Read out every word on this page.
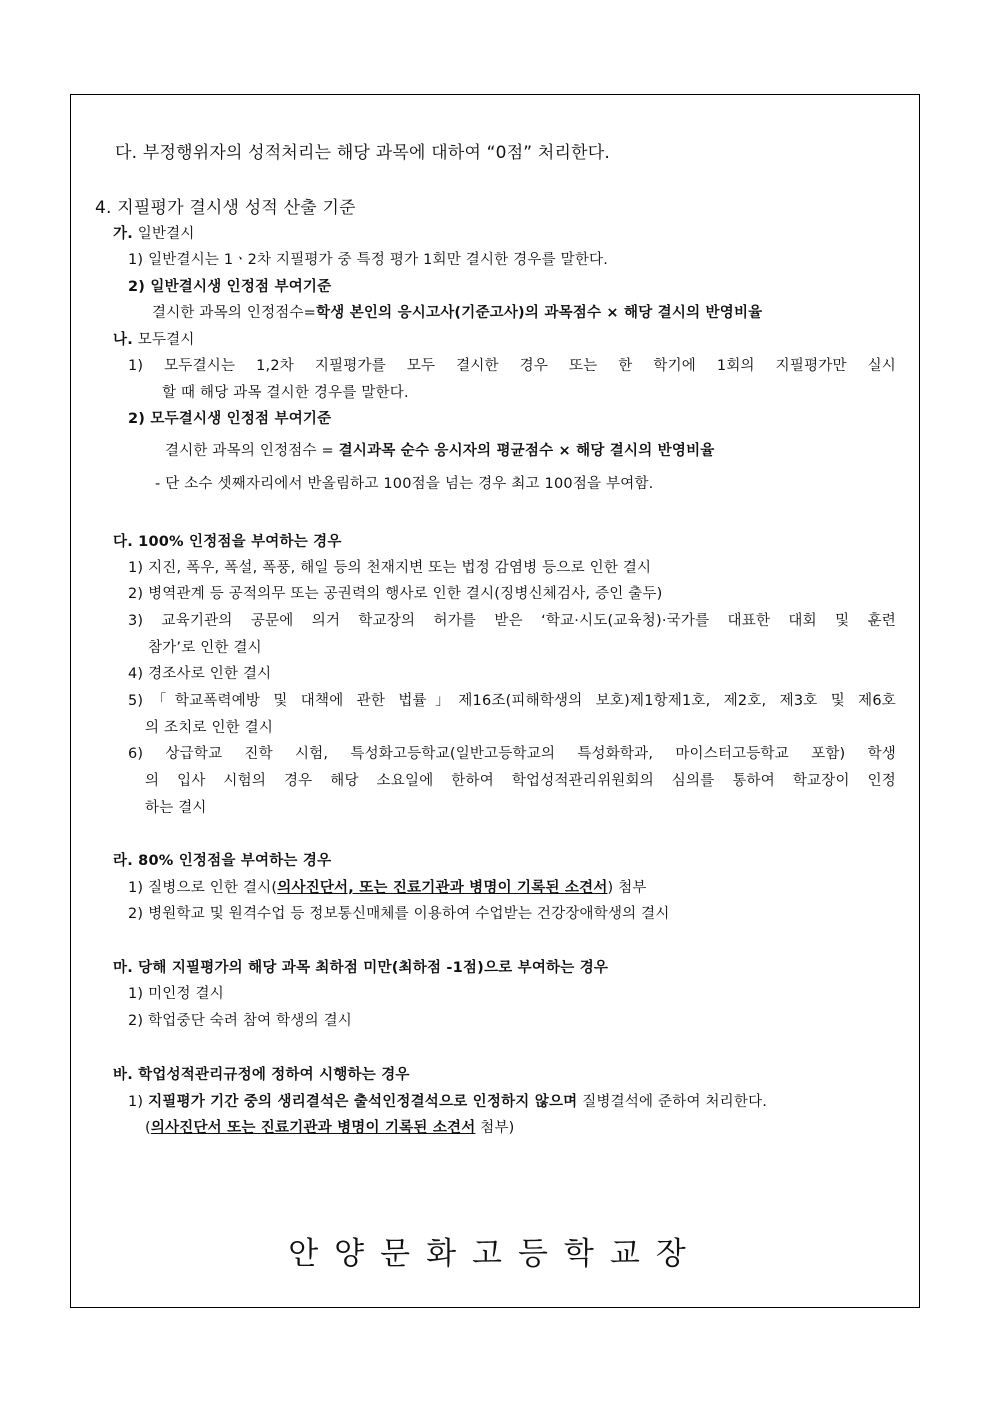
다. 부정행위자의 성적처리는 해당 과목에 대하여 “0점” 처리한다.
4. 지필평가 결시생 성적 산출 기준
가. 일반결시
1) 일반결시는 1ㆍ2차 지필평가 중 특정 평가 1회만 결시한 경우를 말한다.
2) 일반결시생 인정점 부여기준
결시한 과목의 인정점수=학생 본인의 응시고사(기준고사)의 과목점수 × 해당 결시의 반영비율
나. 모두결시
1) 모두결시는 1,2차 지필평가를 모두 결시한 경우 또는 한 학기에 1회의 지필평가만 실시
할 때 해당 과목 결시한 경우를 말한다.
2) 모두결시생 인정점 부여기준
결시한 과목의 인정점수 = 결시과목 순수 응시자의 평균점수 × 해당 결시의 반영비율
- 단 소수 셋째자리에서 반올림하고 100점을 넘는 경우 최고 100점을 부여함.
다. 100% 인정점을 부여하는 경우
1) 지진, 폭우, 폭설, 폭풍, 해일 등의 천재지변 또는 법정 감염병 등으로 인한 결시
2) 병역관계 등 공적의무 또는 공권력의 행사로 인한 결시(징병신체검사, 증인 출두)
3) 교육기관의 공문에 의거 학교장의 허가를 받은 ‘학교·시도(교육청)·국가를 대표한 대회 및 훈련
참가’로 인한 결시
4) 경조사로 인한 결시
5)「학교폭력예방 및 대책에 관한 법률」제16조(피해학생의 보호)제1항제1호, 제2호, 제3호 및 제6호
의 조치로 인한 결시
6) 상급학교 진학 시험, 특성화고등학교(일반고등학교의 특성화학과, 마이스터고등학교 포함) 학생
의 입사 시험의 경우 해당 소요일에 한하여 학업성적관리위원회의 심의를 통하여 학교장이 인정
하는 결시
라. 80% 인정점을 부여하는 경우
1) 질병으로 인한 결시(의사진단서, 또는 진료기관과 병명이 기록된 소견서) 첨부
2) 병원학교 및 원격수업 등 정보통신매체를 이용하여 수업받는 건강장애학생의 결시
마. 당해 지필평가의 해당 과목 최하점 미만(최하점 -1점)으로 부여하는 경우
1) 미인정 결시
2) 학업중단 숙려 참여 학생의 결시
바. 학업성적관리규정에 정하여 시행하는 경우
1) 지필평가 기간 중의 생리결석은 출석인정결석으로 인정하지 않으며 질병결석에 준하여 처리한다.
(의사진단서 또는 진료기관과 병명이 기록된 소견서 첨부)
안양문화고등학교장
